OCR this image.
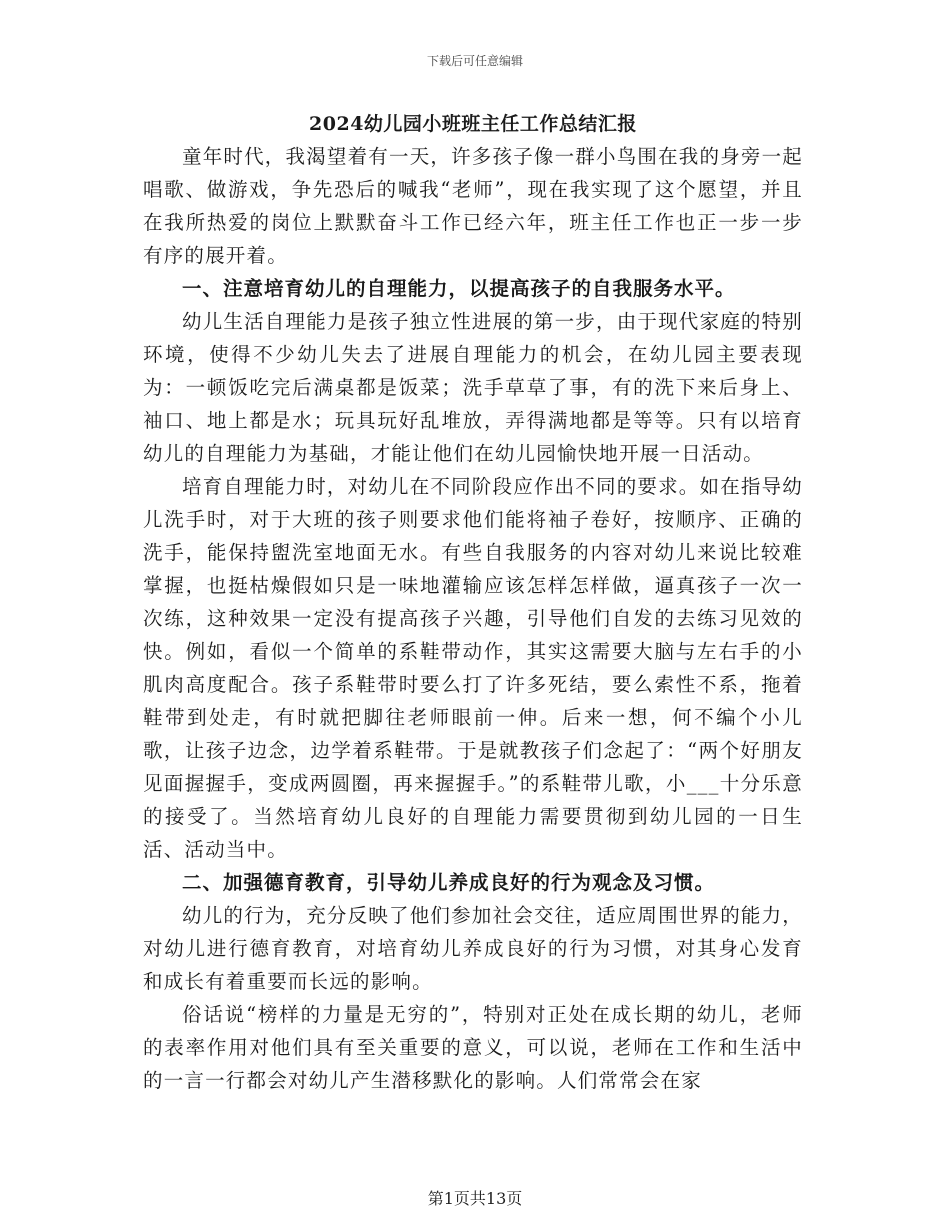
下载后可任意编辑
2024幼儿园小班班主任工作总结汇报

童年时代，我渴望着有一天，许多孩子像一群小鸟围在我的身旁一起唱歌、做游戏，争先恐后的喊我“老师”，现在我实现了这个愿望，并且在我所热爱的岗位上默默奋斗工作已经六年，班主任工作也正一步一步有序的展开着。

一、注意培育幼儿的自理能力，以提高孩子的自我服务水平。

幼儿生活自理能力是孩子独立性进展的第一步，由于现代家庭的特别环境，使得不少幼儿失去了进展自理能力的机会，在幼儿园主要表现为：一顿饭吃完后满桌都是饭菜；洗手草草了事，有的洗下来后身上、袖口、地上都是水；玩具玩好乱堆放，弄得满地都是等等。只有以培育幼儿的自理能力为基础，才能让他们在幼儿园愉快地开展一日活动。

培育自理能力时，对幼儿在不同阶段应作出不同的要求。如在指导幼儿洗手时，对于大班的孩子则要求他们能将袖子卷好，按顺序、正确的洗手，能保持盥洗室地面无水。有些自我服务的内容对幼儿来说比较难掌握，也挺枯燥假如只是一味地灌输应该怎样怎样做，逼真孩子一次一次练，这种效果一定没有提高孩子兴趣，引导他们自发的去练习见效的快。例如，看似一个简单的系鞋带动作，其实这需要大脑与左右手的小肌肉高度配合。孩子系鞋带时要么打了许多死结，要么索性不系，拖着鞋带到处走，有时就把脚往老师眼前一伸。后来一想，何不编个小儿歌，让孩子边念，边学着系鞋带。于是就教孩子们念起了：“两个好朋友见面握握手，变成两圆圈，再来握握手。”的系鞋带儿歌，小___十分乐意的接受了。当然培育幼儿良好的自理能力需要贯彻到幼儿园的一日生活、活动当中。

二、加强德育教育，引导幼儿养成良好的行为观念及习惯。

幼儿的行为，充分反映了他们参加社会交往，适应周围世界的能力，对幼儿进行德育教育，对培育幼儿养成良好的行为习惯，对其身心发育和成长有着重要而长远的影响。

俗话说“榜样的力量是无穷的”，特别对正处在成长期的幼儿，老师的表率作用对他们具有至关重要的意义，可以说，老师在工作和生活中的一言一行都会对幼儿产生潜移默化的影响。人们常常会在家

第1页共13页
